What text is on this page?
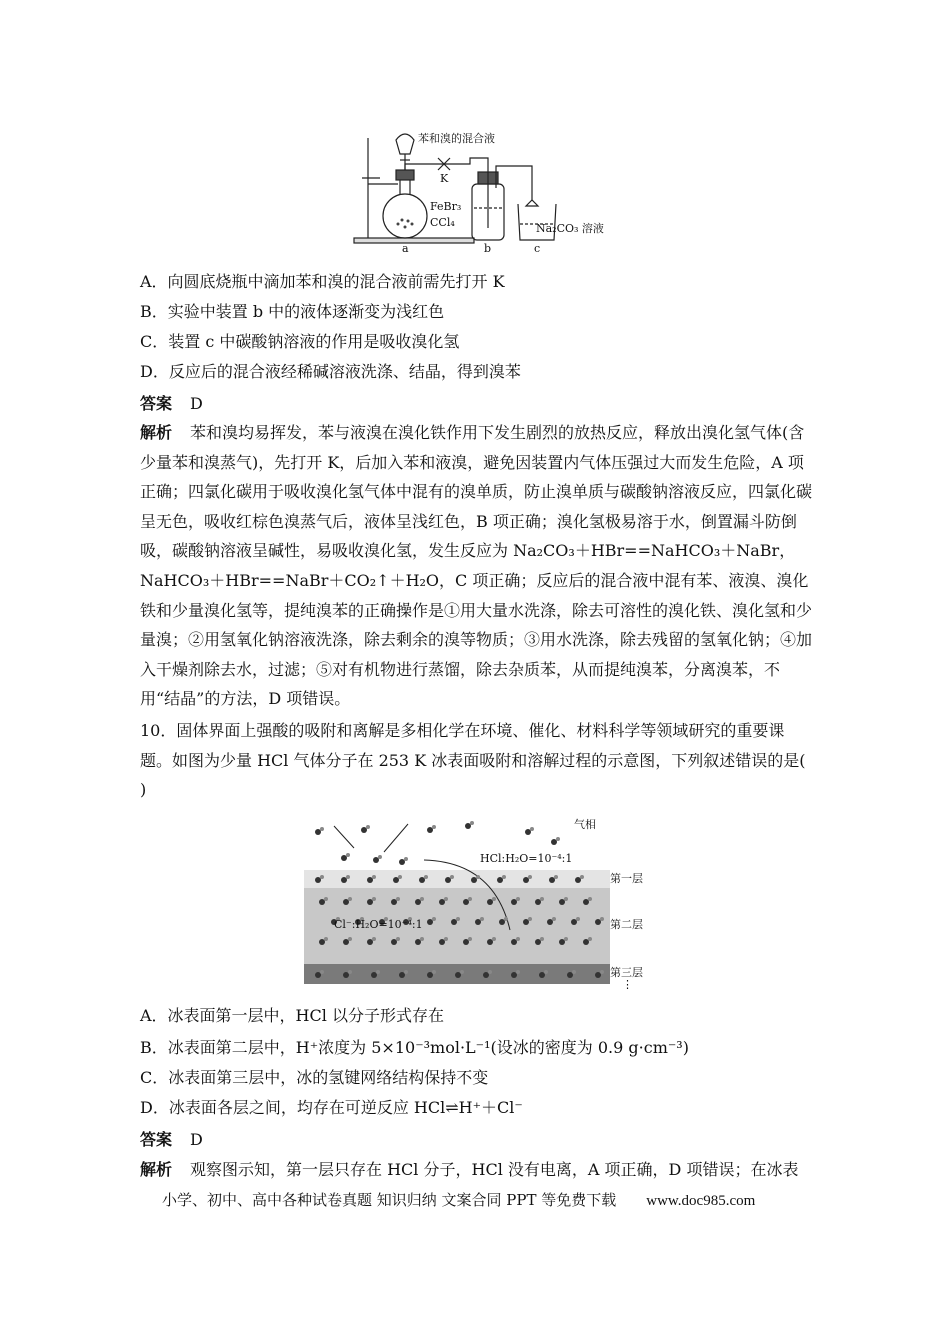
苯和溴的混合液
K
FeBr₃
CCl₄	Na₂CO₃ 溶液
a	b	c
A．向圆底烧瓶中滴加苯和溴的混合液前需先打开 K
B．实验中装置 b 中的液体逐渐变为浅红色
C．装置 c 中碳酸钠溶液的作用是吸收溴化氢
D．反应后的混合液经稀碱溶液洗涤、结晶，得到溴苯
答案 D
解析 苯和溴均易挥发，苯与液溴在溴化铁作用下发生剧烈的放热反应，释放出溴化氢气体(含少量苯和溴蒸气)，先打开 K，后加入苯和液溴，避免因装置内气体压强过大而发生危险，A 项正确；四氯化碳用于吸收溴化氢气体中混有的溴单质，防止溴单质与碳酸钠溶液反应，四氯化碳呈无色，吸收红棕色溴蒸气后，液体呈浅红色，B 项正确；溴化氢极易溶于水，倒置漏斗防倒吸，碳酸钠溶液呈碱性，易吸收溴化氢，发生反应为 Na₂CO₃＋HBr==NaHCO₃＋NaBr，NaHCO₃＋HBr==NaBr＋CO₂↑＋H₂O，C 项正确；反应后的混合液中混有苯、液溴、溴化铁和少量溴化氢等，提纯溴苯的正确操作是①用大量水洗涤，除去可溶性的溴化铁、溴化氢和少量溴；②用氢氧化钠溶液洗涤，除去剩余的溴等物质；③用水洗涤，除去残留的氢氧化钠；④加入干燥剂除去水，过滤；⑤对有机物进行蒸馏，除去杂质苯，从而提纯溴苯，分离溴苯，不用“结晶”的方法，D 项错误。
10．固体界面上强酸的吸附和离解是多相化学在环境、催化、材料科学等领域研究的重要课题。如图为少量 HCl 气体分子在 253 K 冰表面吸附和溶解过程的示意图，下列叙述错误的是( )
气相
HCl:H₂O=10⁻⁴:1
Cl⁻:H₂O=10⁻⁴:1
第一层
第二层
第三层
⋮
A．冰表面第一层中，HCl 以分子形式存在
B．冰表面第二层中，H⁺浓度为 5×10⁻³mol·L⁻¹(设冰的密度为 0.9 g·cm⁻³)
C．冰表面第三层中，冰的氢键网络结构保持不变
D．冰表面各层之间，均存在可逆反应 HCl⇌H⁺＋Cl⁻
答案 D
解析 观察图示知，第一层只存在 HCl 分子，HCl 没有电离，A 项正确，D 项错误；在冰表
小学、初中、高中各种试卷真题 知识归纳 文案合同 PPT 等免费下载 www.doc985.com
